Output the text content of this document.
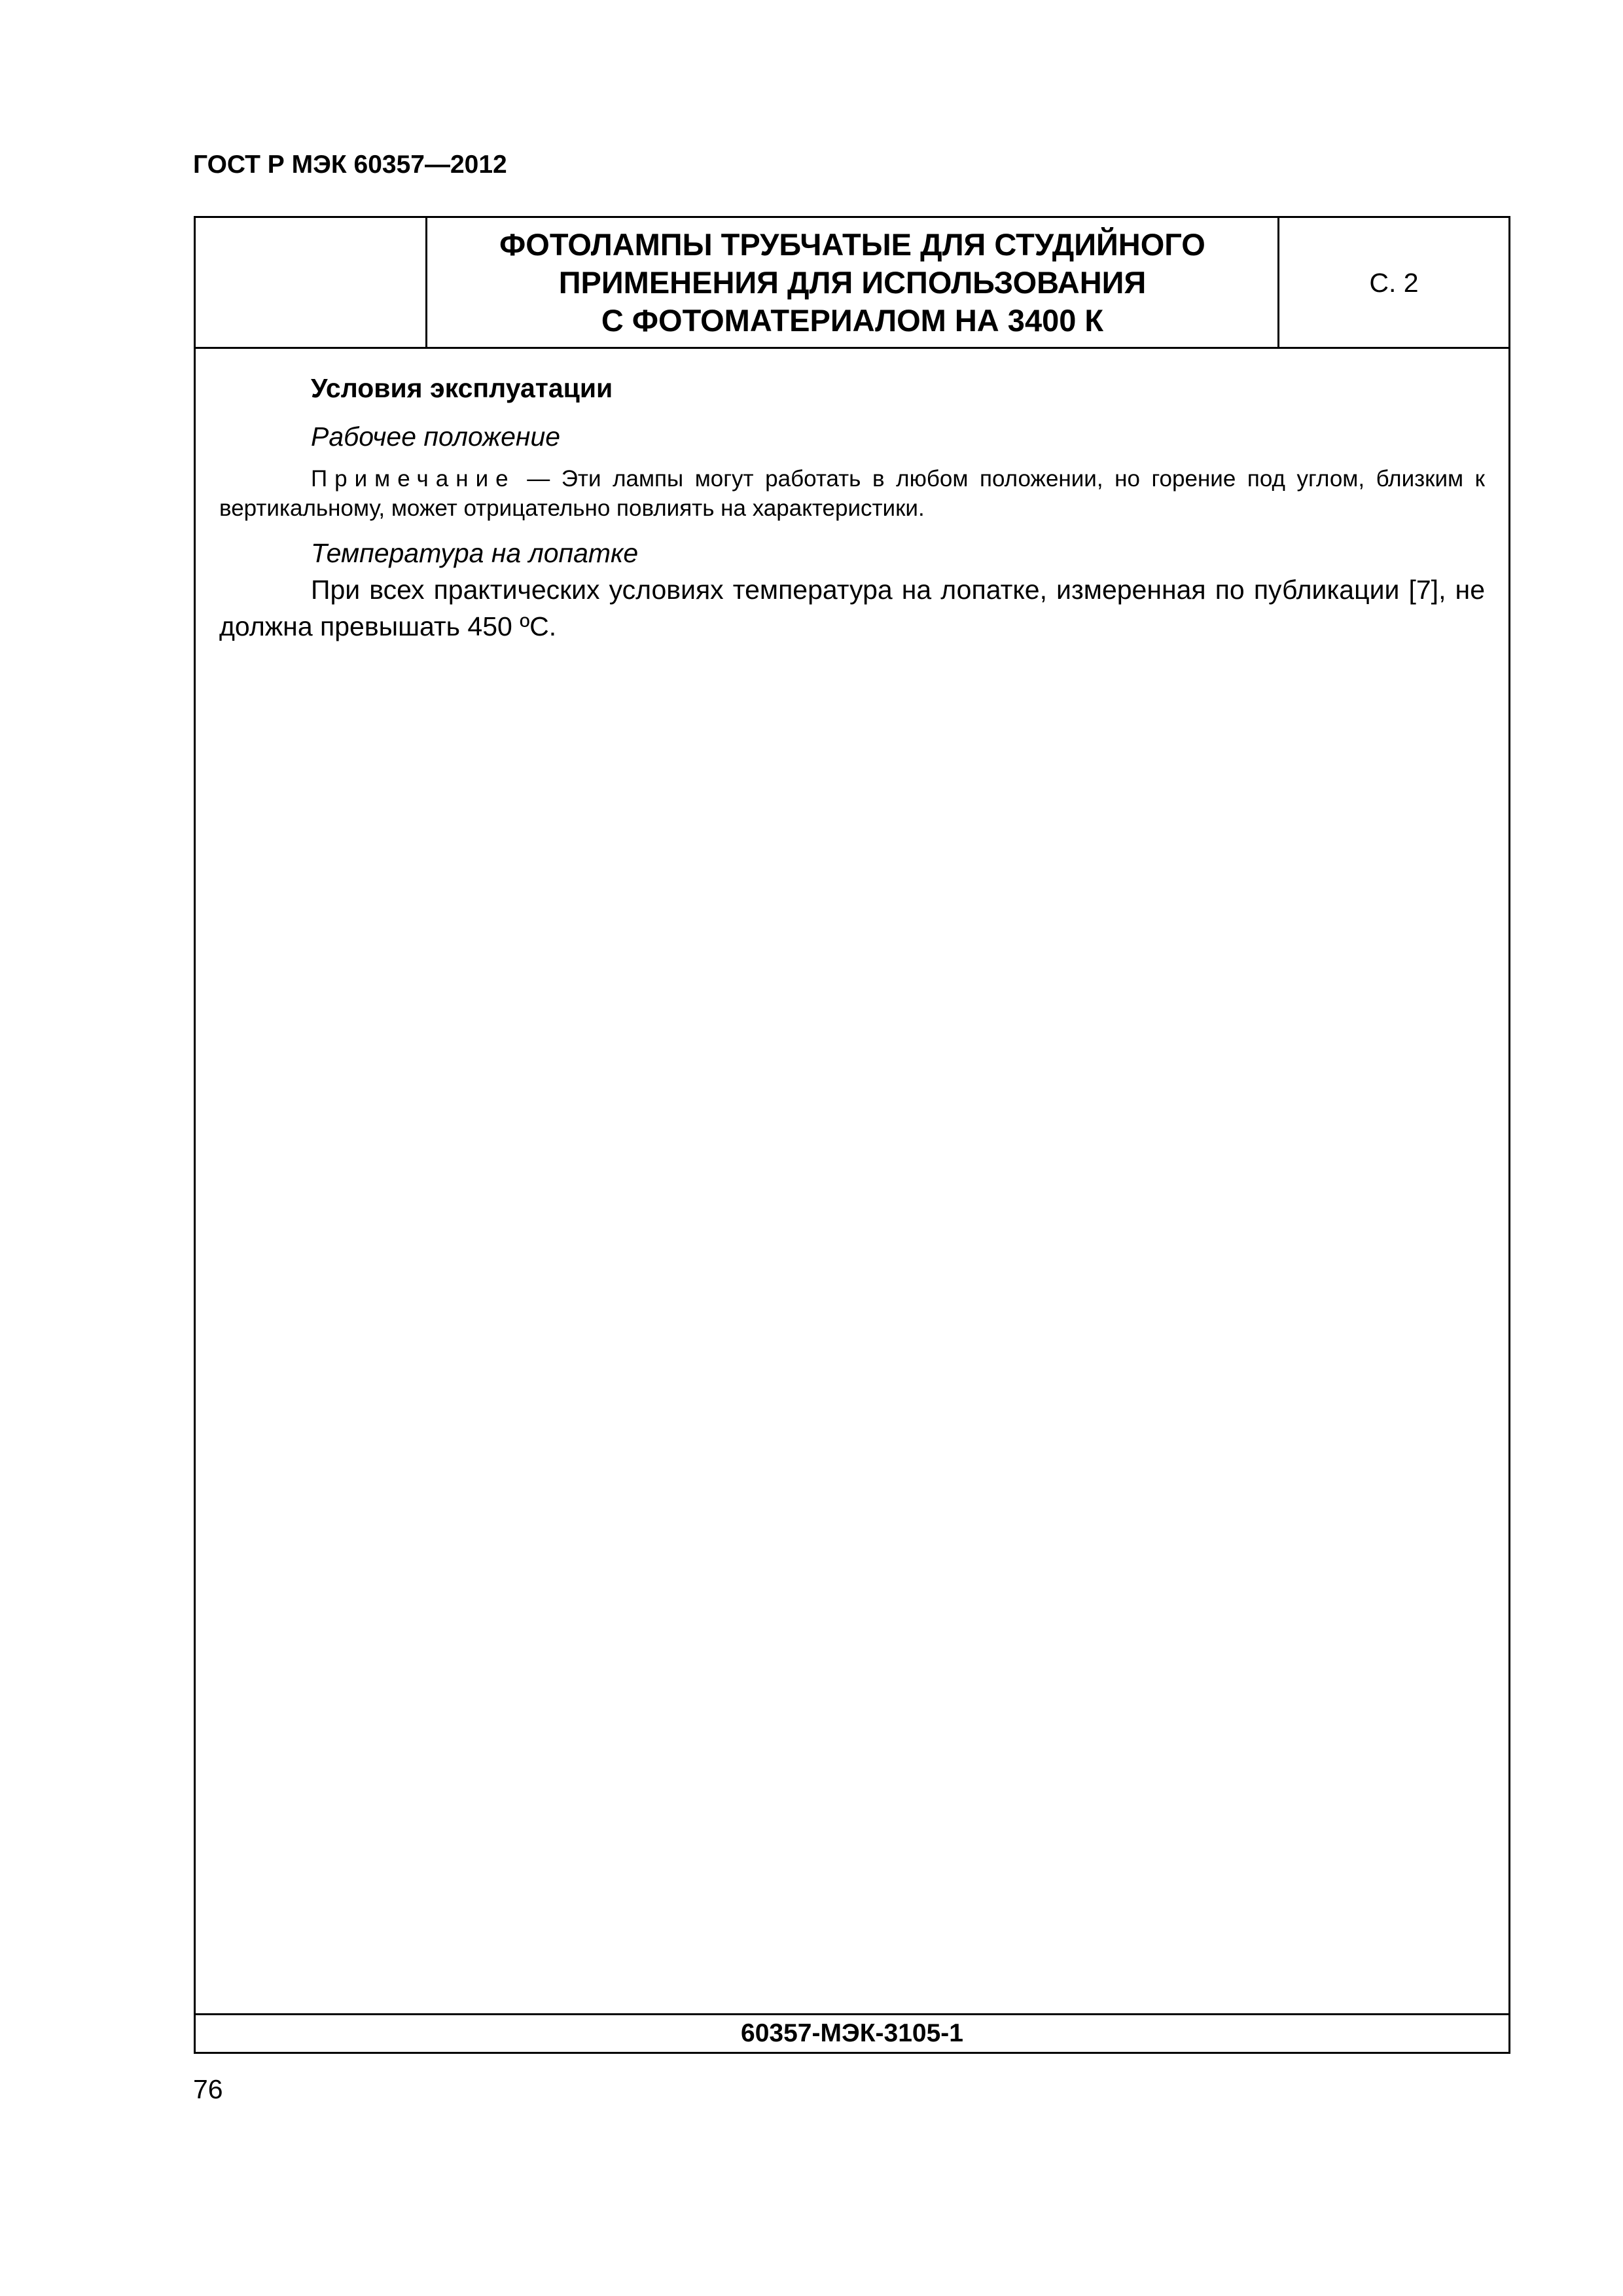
ГОСТ Р МЭК 60357—2012
ФОТОЛАМПЫ ТРУБЧАТЫЕ ДЛЯ СТУДИЙНОГО
ПРИМЕНЕНИЯ ДЛЯ ИСПОЛЬЗОВАНИЯ
С ФОТОМАТЕРИАЛОМ НА 3400 К
С. 2

Условия эксплуатации

Рабочее положение

Примечание — Эти лампы могут работать в любом положении, но горение под углом, близким к вертикальному, может отрицательно повлиять на характеристики.

Температура на лопатке

При всех практических условиях температура на лопатке, измеренная по публикации [7], не должна превышать 450 ºС.

60357-МЭК-3105-1
76
